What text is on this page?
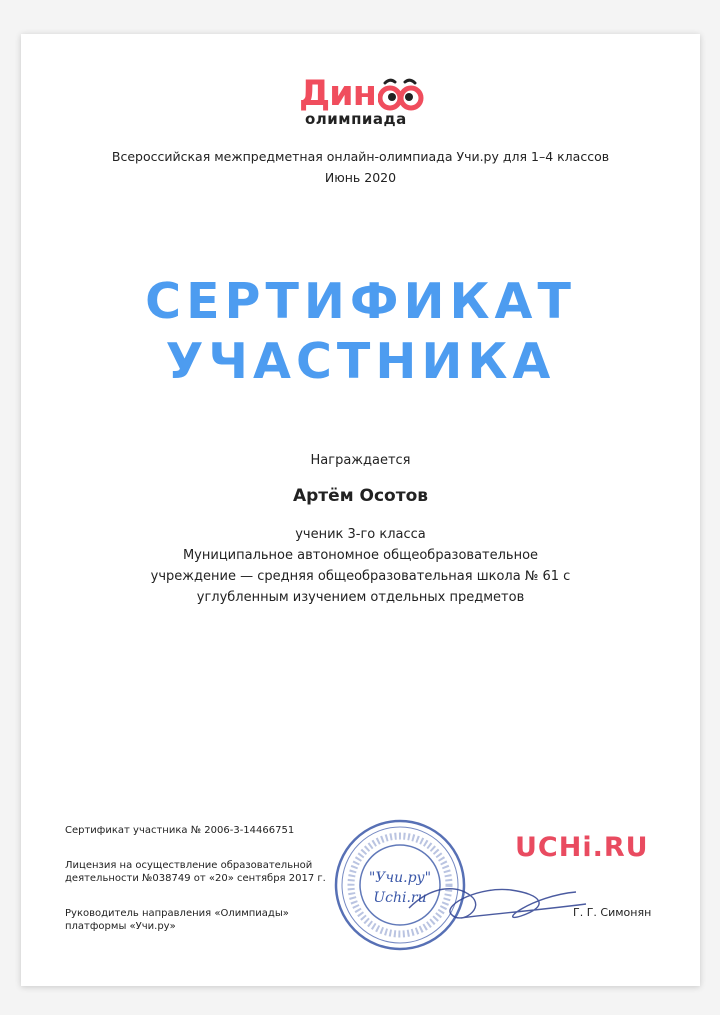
Дин
олимпиада
Всероссийская межпредметная онлайн-олимпиада Учи.ру для 1–4 классов
Июнь 2020
СЕРТИФИКАТ
УЧАСТНИКА
Награждается
Артём Осотов
ученик 3-го класса
Муниципальное автономное общеобразовательное
учреждение — средняя общеобразовательная школа № 61 с
углубленным изучением отдельных предметов
Сертификат участника № 2006-3-14466751
Лицензия на осуществление образовательной
деятельности №038749 от «20» сентября 2017 г.
Руководитель направления «Олимпиады»
платформы «Учи.ру»
"Учи.ру"
Uchi.ru
UCHi.RU
Г. Г. Симонян
